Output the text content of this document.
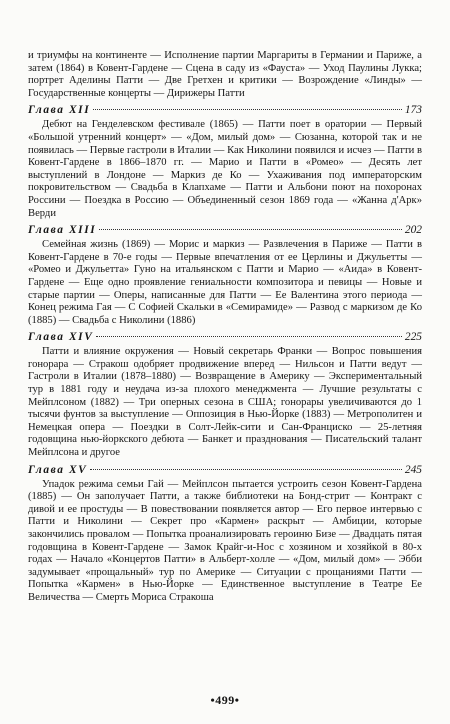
и триумфы на континенте — Исполнение партии Маргариты в Германии и Париже, а затем (1864) в Ковент-Гардене — Сцена в саду из «Фауста» — Уход Паулины Лукка; портрет Аделины Патти — Две Гретхен и критики — Возрождение «Линды» — Государственные концерты — Дирижеры Патти

Глава XII	173

Дебют на Генделевском фестивале (1865) — Патти поет в оратории — Первый «Большой утренний концерт» — «Дом, милый дом» — Сюзанна, которой так и не появилась — Первые гастроли в Италии — Как Николини появился и исчез — Патти в Ковент-Гардене в 1866–1870 гг. — Марио и Патти в «Ромео» — Десять лет выступлений в Лондоне — Маркиз де Ко — Ухаживания под императорским покровительством — Свадьба в Клапхаме — Патти и Альбони поют на похоронах Россини — Поездка в Россию — Объединенный сезон 1869 года — «Жанна д'Арк» Верди

Глава XIII	202

Семейная жизнь (1869) — Морис и маркиз — Развлечения в Париже — Патти в Ковент-Гардене в 70-е годы — Первые впечатления от ее Церлины и Джульетты — «Ромео и Джульетта» Гуно на итальянском с Патти и Марио — «Аида» в Ковент-Гардене — Еще одно проявление гениальности композитора и певицы — Новые и старые партии — Оперы, написанные для Патти — Ее Валентина этого периода — Конец режима Гая — С Софией Скальки в «Семирамиде» — Развод с маркизом де Ко (1885) — Свадьба с Николини (1886)

Глава XIV	225

Патти и влияние окружения — Новый секретарь Франки — Вопрос повышения гонорара — Стракош одобряет продвижение вперед — Нильсон и Патти ведут — Гастроли в Италии (1878–1880) — Возвращение в Америку — Экспериментальный тур в 1881 году и неудача из-за плохого менеджмента — Лучшие результаты с Мейплсоном (1882) — Три оперных сезона в США; гонорары увеличиваются до 1 тысячи фунтов за выступление — Оппозиция в Нью-Йорке (1883) — Метрополитен и Немецкая опера — Поездки в Солт-Лейк-сити и Сан-Франциско — 25-летняя годовщина нью-йоркского дебюта — Банкет и празднования — Писательский талант Мейплсона и другое

Глава XV	245

Упадок режима семьи Гай — Мейплсон пытается устроить сезон Ковент-Гардена (1885) — Он заполучает Патти, а также библиотеки на Бонд-стрит — Контракт с дивой и ее простуды — В повествовании появляется автор — Его первое интервью с Патти и Николини — Секрет про «Кармен» раскрыт — Амбиции, которые закончились провалом — Попытка проанализировать героиню Бизе — Двадцать пятая годовщина в Ковент-Гардене — Замок Крайг-и-Нос с хозяином и хозяйкой в 80-х годах — Начало «Концертов Патти» в Альберт-холле — «Дом, милый дом» — Эбби задумывает «прощальный» тур по Америке — Ситуации с прощаниями Патти — Попытка «Кармен» в Нью-Йорке — Единственное выступление в Театре Ее Величества — Смерть Мориса Стракоша

•499•
